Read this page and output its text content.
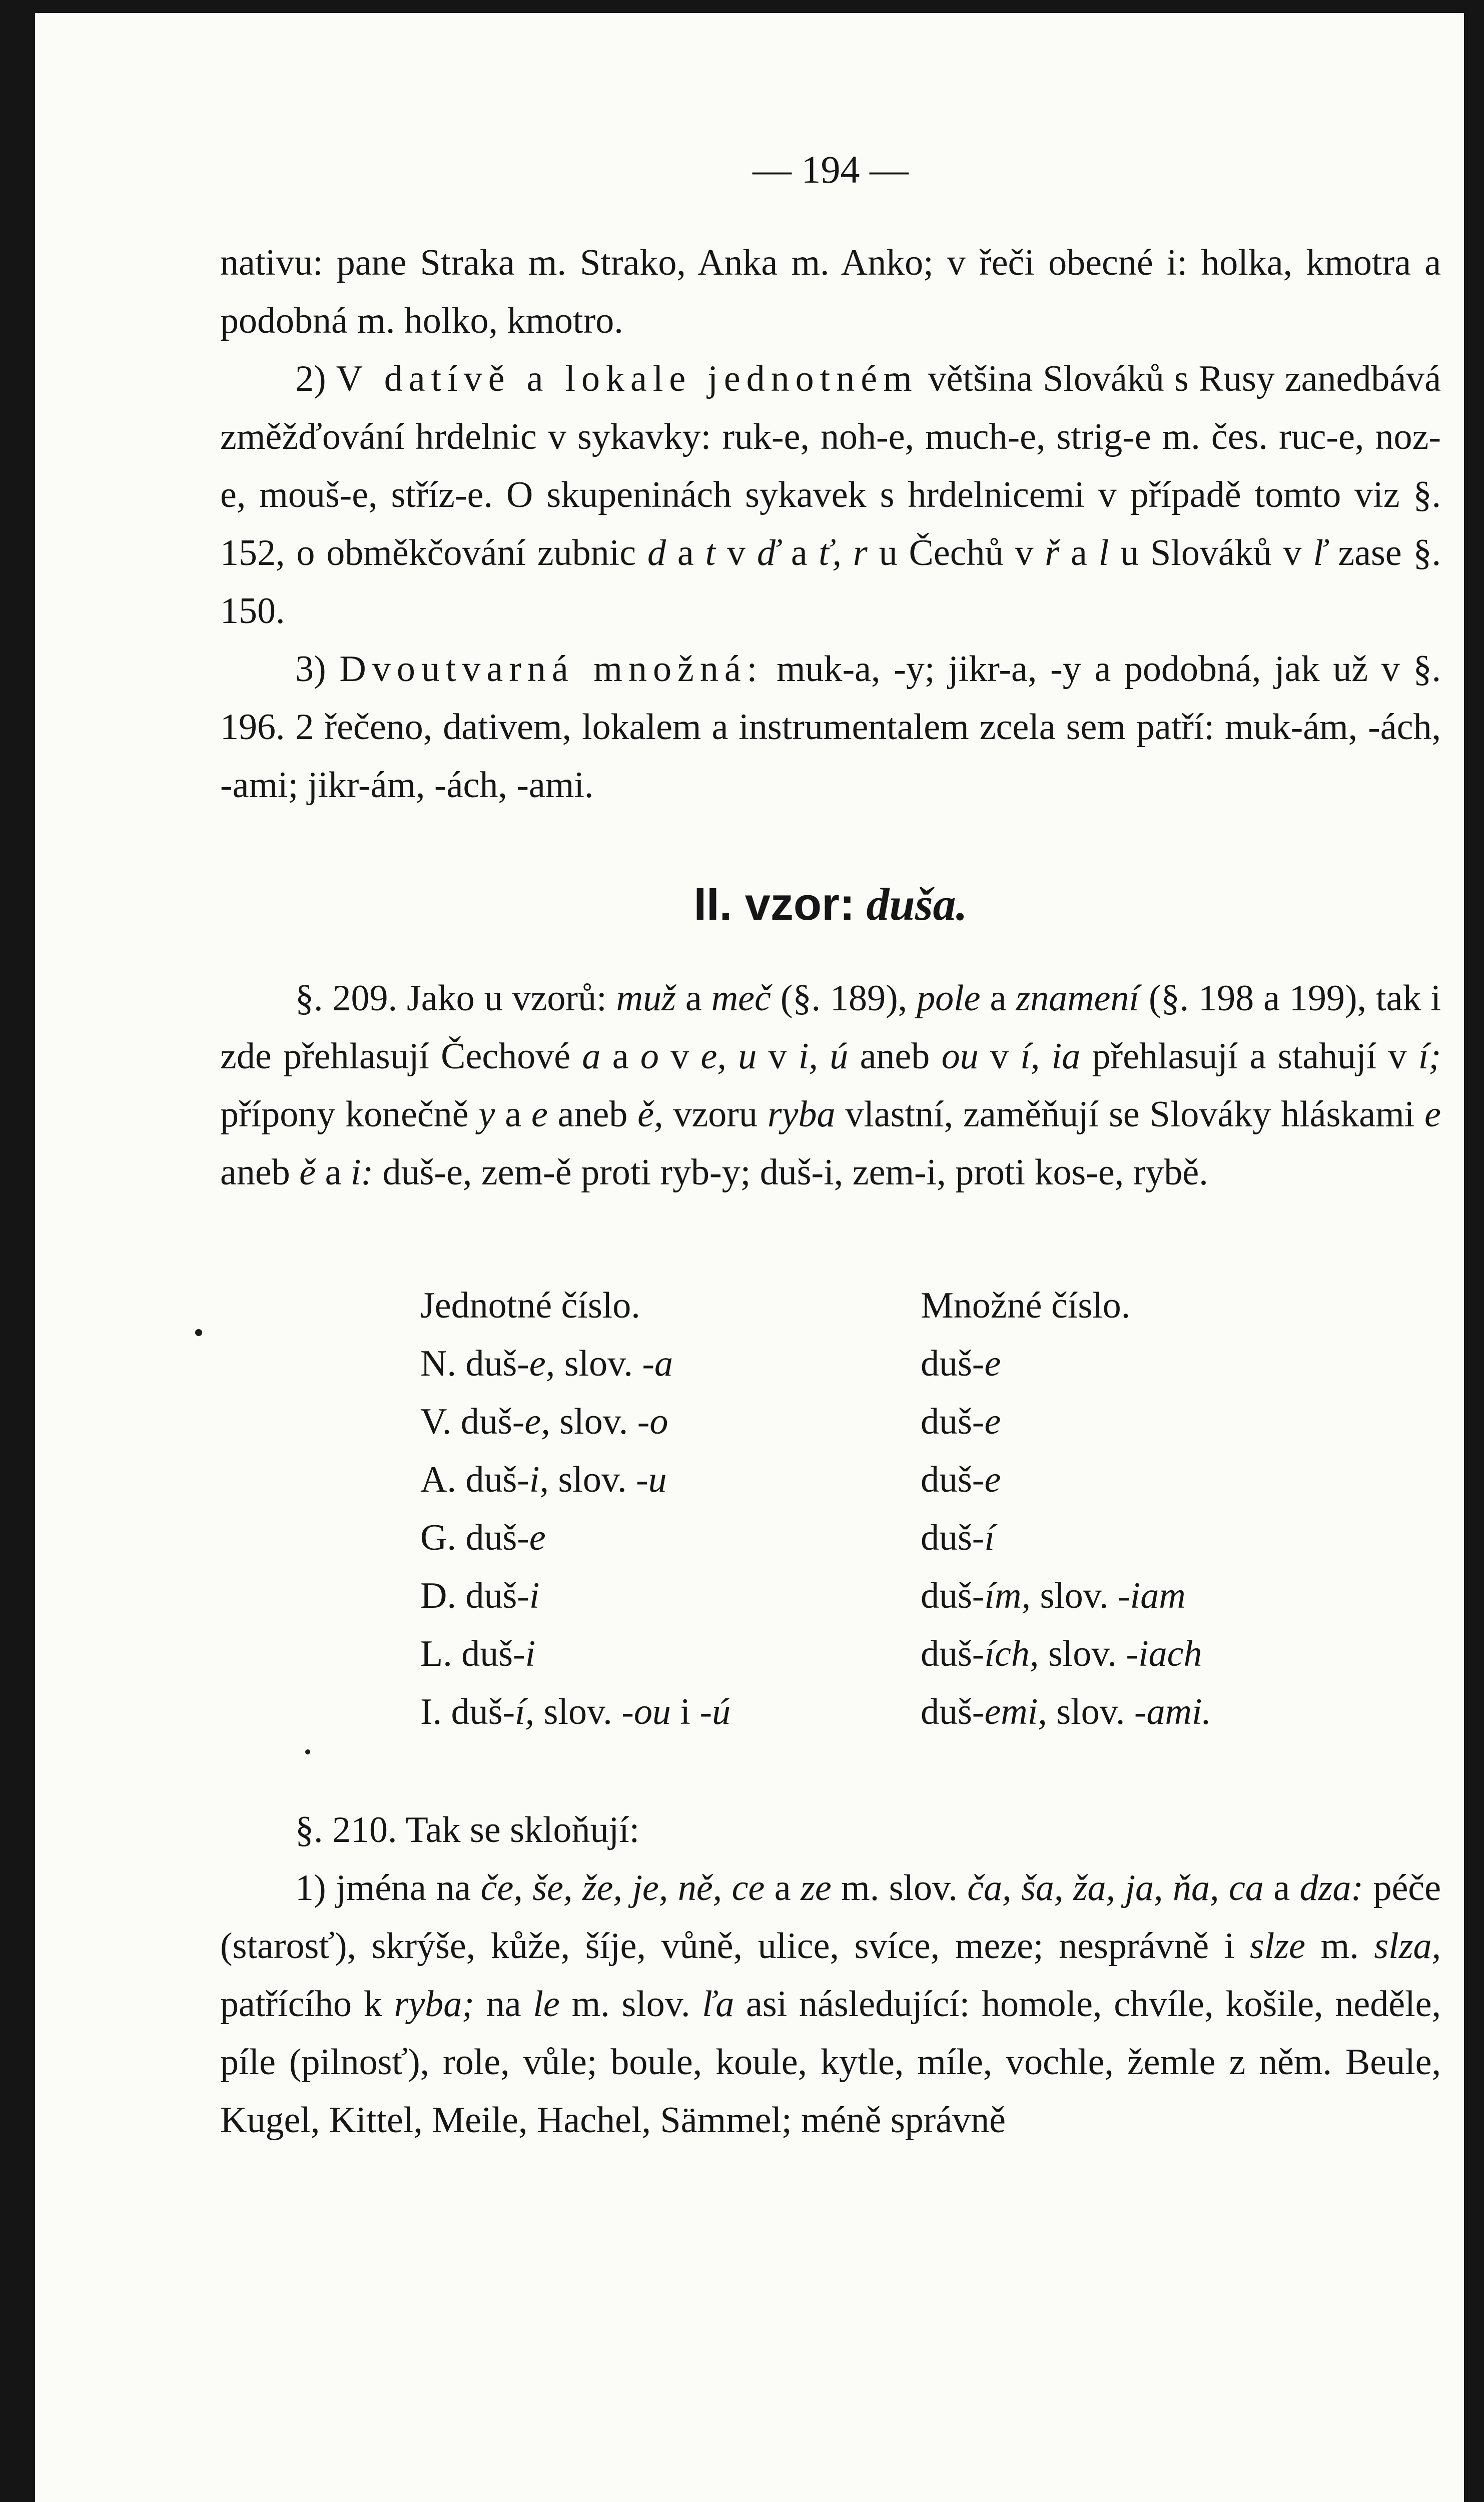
— 194 —

nativu: pane Straka m. Strako, Anka m. Anko; v řeči obecné i: holka, kmotra a podobná m. holko, kmotro.

2) V datívě a lokale jednotném většina Slováků s Rusy zanedbává změžďování hrdelnic v sykavky: ruk-e, noh-e, much-e, strig-e m. čes. ruc-e, noz-e, mouš-e, stříz-e. O skupeninách sykavek s hrdelnicemi v případě tomto viz §. 152, o obměkčování zubnic d a t v ď a ť, r u Čechů v ř a l u Slováků v ľ zase §. 150.

3) Dvoutvarná množná: muk-a, -y; jikr-a, -y a podobná, jak už v §. 196. 2 řečeno, dativem, lokalem a instrumentalem zcela sem patří: muk-ám, -ách, -ami; jikr-ám, -ách, -ami.

II. vzor: duša.

§. 209. Jako u vzorů: muž a meč (§. 189), pole a znamení (§. 198 a 199), tak i zde přehlasují Čechové a a o v e, u v i, ú aneb ou v í, ia přehlasují a stahují v í; přípony konečně y a e aneb ě, vzoru ryba vlastní, zaměňují se Slováky hláskami e aneb ě a i: duš-e, zem-ě proti ryb-y; duš-i, zem-i, proti kos-e, rybě.

Jednotné číslo.	Množné číslo.
N. duš-e, slov. -a	duš-e
V. duš-e, slov. -o	duš-e
A. duš-i, slov. -u	duš-e
G. duš-e	duš-í
D. duš-i	duš-ím, slov. -iam
L. duš-i	duš-ích, slov. -iach
I. duš-í, slov. -ou i -ú	duš-emi, slov. -ami.

§. 210. Tak se skloňují:

1) jména na če, še, že, je, ně, ce a ze m. slov. ča, ša, ža, ja, ňa, ca a dza: péče (starosť), skrýše, kůže, šíje, vůně, ulice, svíce, meze; nesprávně i slze m. slza, patřícího k ryba; na le m. slov. ľa asi následující: homole, chvíle, košile, neděle, píle (pilnosť), role, vůle; boule, koule, kytle, míle, vochle, žemle z něm. Beule, Kugel, Kittel, Meile, Hachel, Sämmel; méně správně
